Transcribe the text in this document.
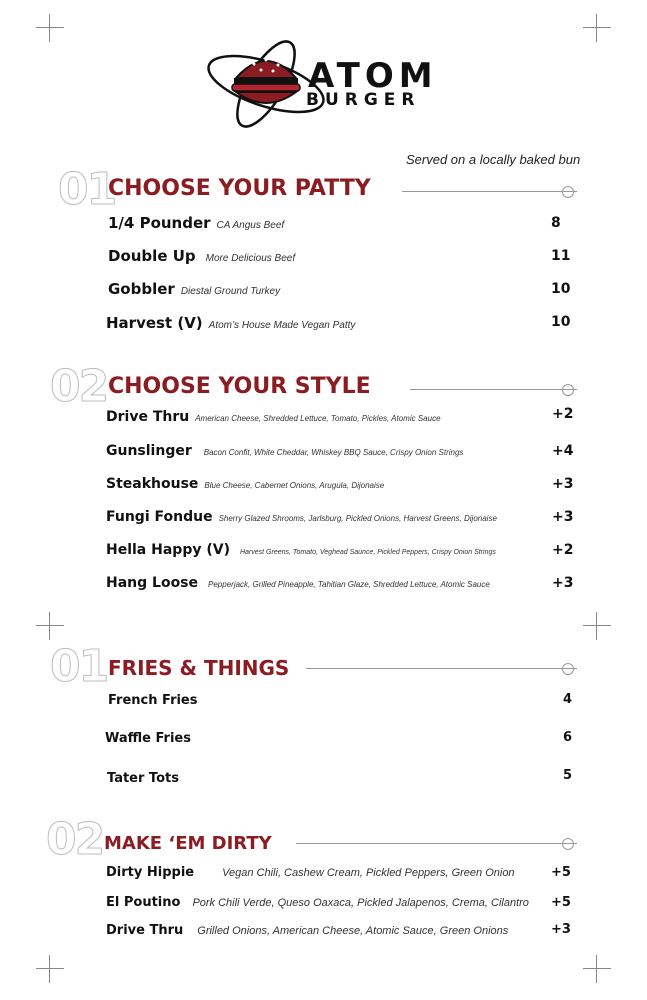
ATOM
BURGER
Served on a locally baked bun
01
CHOOSE YOUR PATTY
1/4 Pounder CA Angus Beef	8
Double Up More Delicious Beef	11
Gobbler Diestal Ground Turkey	10
Harvest (V) Atom’s House Made Vegan Patty	10
02 CHOOSE YOUR STYLE
Drive Thru American Cheese, Shredded Lettuce, Tomato, Pickles, Atomic Sauce	+2
Gunslinger Bacon Confit, White Cheddar, Whiskey BBQ Sauce, Crispy Onion Strings	+4
Steakhouse Blue Cheese, Cabernet Onions, Arugula, Dijonaise	+3
Fungi Fondue Sherry Glazed Shrooms, Jarlsburg, Pickled Onions, Harvest Greens, Dijonaise	+3
Hella Happy (V) Harvest Greens, Tomato, Veghead Saunce, Pickled Peppers, Crispy Onion Strings	+2
Hang Loose Pepperjack, Grilled Pineapple, Tahitian Glaze, Shredded Lettuce, Atomic Sauce	+3
01 FRIES & THINGS
French Fries	4
Waffle Fries	6
Tater Tots	5
02 MAKE ‘EM DIRTY
Dirty Hippie	Vegan Chili, Cashew Cream, Pickled Peppers, Green Onion	+5
El Poutino Pork Chili Verde, Queso Oaxaca, Pickled Jalapenos, Crema, Cilantro +5
Drive Thru Grilled Onions, American Cheese, Atomic Sauce, Green Onions	+3
